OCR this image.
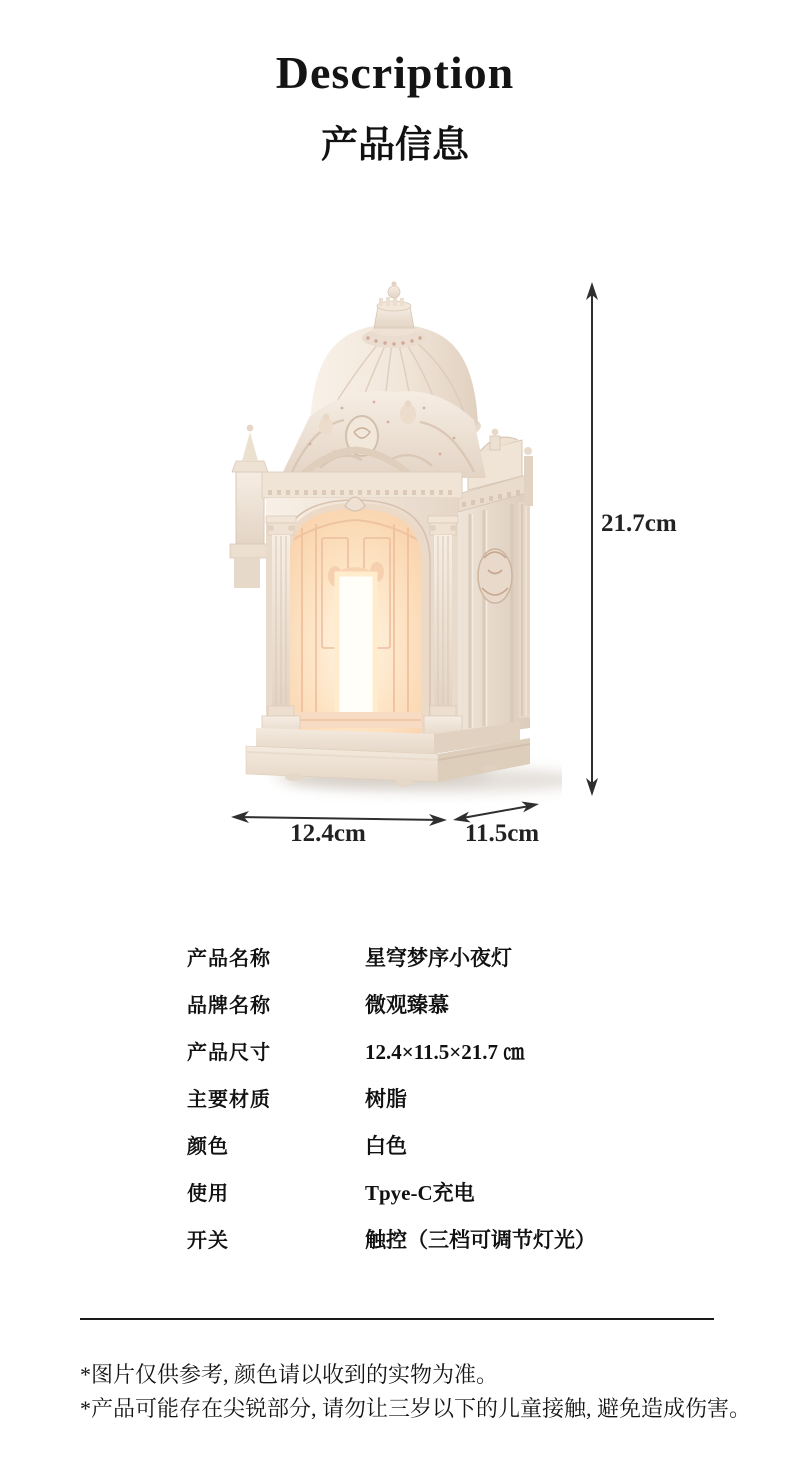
Description
产品信息
21.7cm
12.4cm	11.5cm
产品名称	星穹梦序小夜灯
品牌名称	微观臻慕
产品尺寸	12.4×11.5×21.7 ㎝
主要材质	树脂
颜色	白色
使用	Tpye-C充电
开关	触控（三档可调节灯光）

*图片仅供参考, 颜色请以收到的实物为准。

*产品可能存在尖锐部分, 请勿让三岁以下的儿童接触, 避免造成伤害。
